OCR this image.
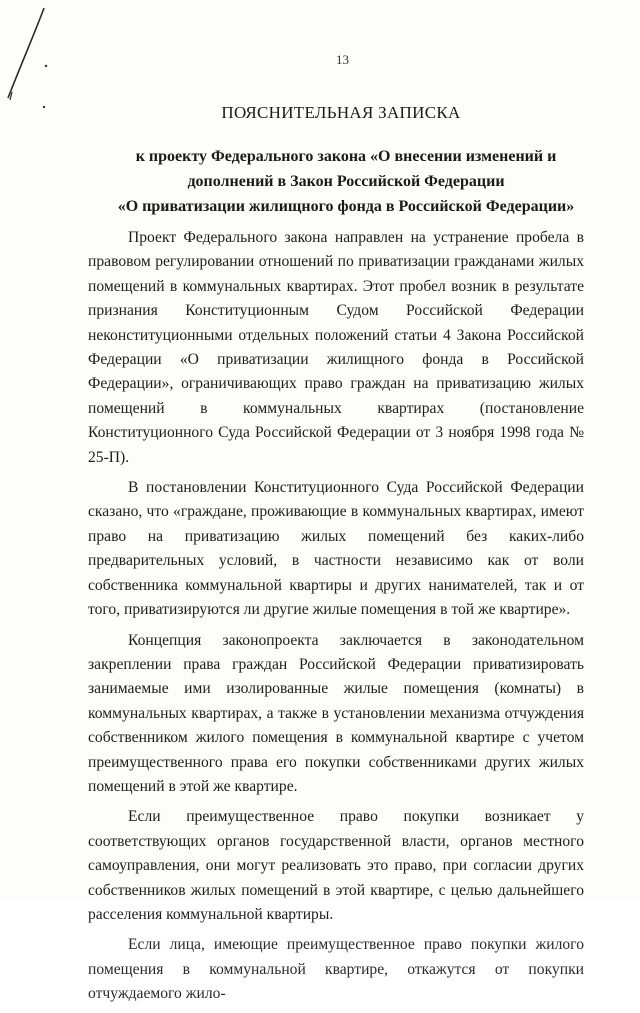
13
ПОЯСНИТЕЛЬНАЯ ЗАПИСКА
к проекту Федерального закона «О внесении изменений и
дополнений в Закон Российской Федерации
«О приватизации жилищного фонда в Российской Федерации»

Проект Федерального закона направлен на устранение пробела в правовом регулировании отношений по приватизации гражданами жилых помещений в коммунальных квартирах. Этот пробел возник в результате признания Конституционным Судом Российской Федерации неконституционными отдельных положений статьи 4 Закона Российской Федерации «О приватизации жилищного фонда в Российской Федерации», ограничивающих право граждан на приватизацию жилых помещений в коммунальных квартирах (постановление Конституционного Суда Российской Федерации от 3 ноября 1998 года № 25-П).

В постановлении Конституционного Суда Российской Федерации сказано, что «граждане, проживающие в коммунальных квартирах, имеют право на приватизацию жилых помещений без каких-либо предварительных условий, в частности независимо как от воли собственника коммунальной квартиры и других нанимателей, так и от того, приватизируются ли другие жилые помещения в той же квартире».

Концепция законопроекта заключается в законодательном закреплении права граждан Российской Федерации приватизировать занимаемые ими изолированные жилые помещения (комнаты) в коммунальных квартирах, а также в установлении механизма отчуждения собственником жилого помещения в коммунальной квартире с учетом преимущественного права его покупки собственниками других жилых помещений в этой же квартире.

Если преимущественное право покупки возникает у соответствующих органов государственной власти, органов местного самоуправления, они могут реализовать это право, при согласии других собственников жилых помещений в этой квартире, с целью дальнейшего расселения коммунальной квартиры.

Если лица, имеющие преимущественное право покупки жилого помещения в коммунальной квартире, откажутся от покупки отчуждаемого жило-
